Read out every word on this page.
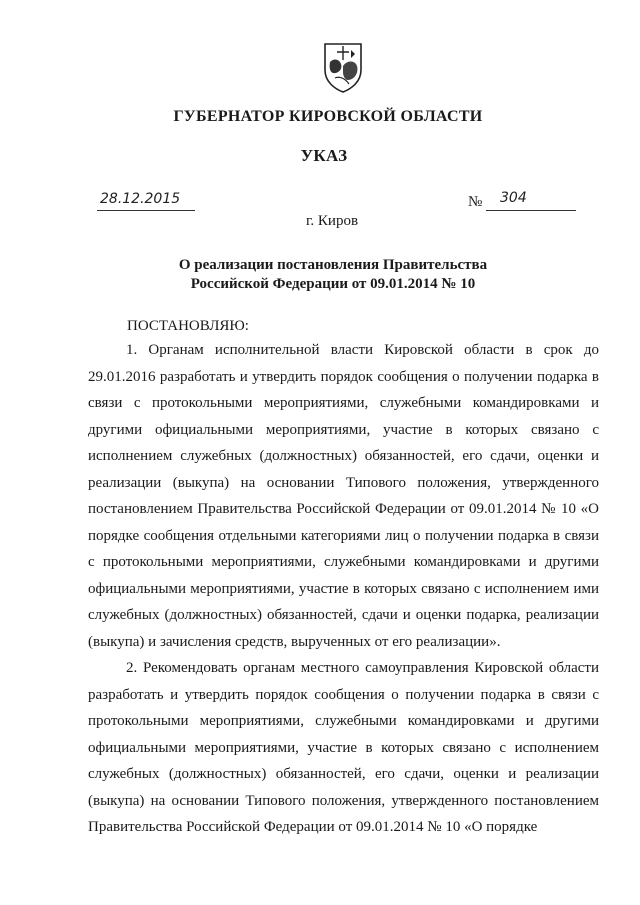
ГУБЕРНАТОР КИРОВСКОЙ ОБЛАСТИ
УКАЗ
28.12.2015	№ 304
г. Киров
О реализации постановления Правительства
Российской Федерации от 09.01.2014 № 10
ПОСТАНОВЛЯЮ:

1. Органам исполнительной власти Кировской области в срок до 29.01.2016 разработать и утвердить порядок сообщения о получении подарка в связи с протокольными мероприятиями, служебными командировками и другими официальными мероприятиями, участие в которых связано с исполнением служебных (должностных) обязанностей, его сдачи, оценки и реализации (выкупа) на основании Типового положения, утвержденного постановлением Правительства Российской Федерации от 09.01.2014 № 10 «О порядке сообщения отдельными категориями лиц о получении подарка в связи с протокольными мероприятиями, служебными командировками и другими официальными мероприятиями, участие в которых связано с исполнением ими служебных (должностных) обязанностей, сдачи и оценки подарка, реализации (выкупа) и зачисления средств, вырученных от его реализации».

2. Рекомендовать органам местного самоуправления Кировской области разработать и утвердить порядок сообщения о получении подарка в связи с протокольными мероприятиями, служебными командировками и другими официальными мероприятиями, участие в которых связано с исполнением служебных (должностных) обязанностей, его сдачи, оценки и реализации (выкупа) на основании Типового положения, утвержденного постановлением Правительства Российской Федерации от 09.01.2014 № 10 «О порядке
